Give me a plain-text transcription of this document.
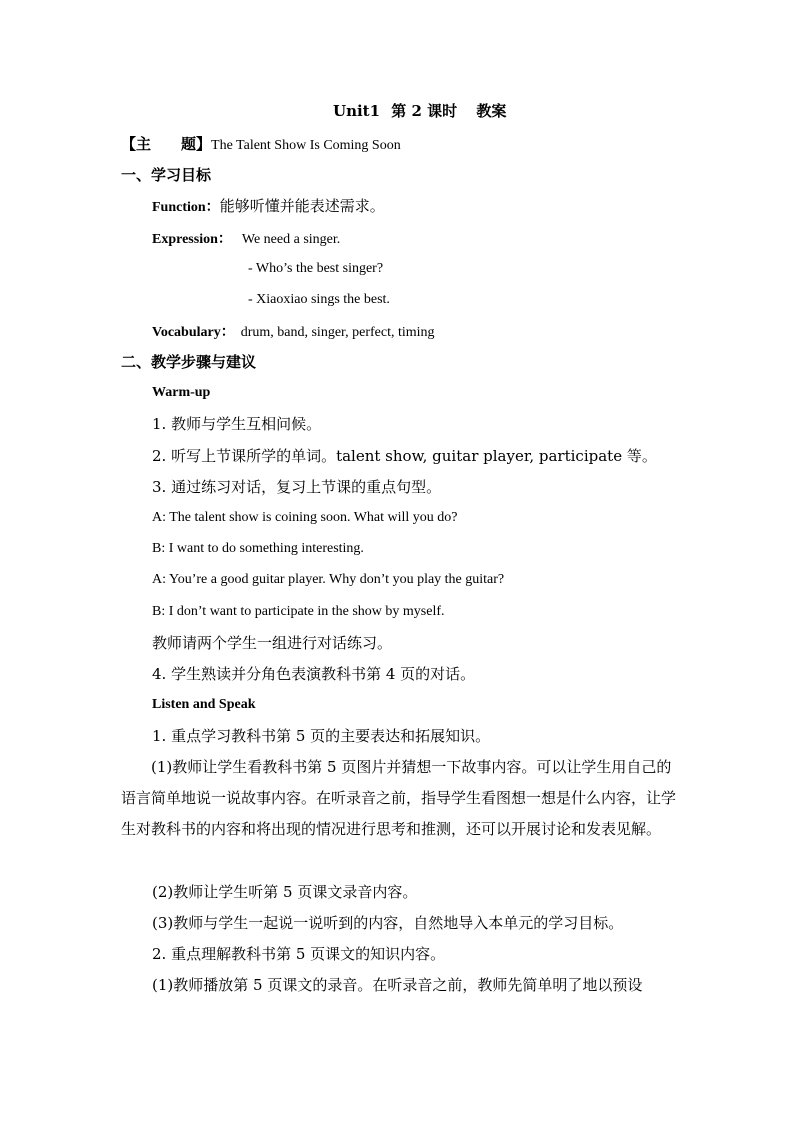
Unit1 第 2 课时 教案
【主　　题】The Talent Show Is Coming Soon
一、学习目标
Function：能够听懂并能表述需求。
Expression： We need a singer.
- Who’s the best singer?
- Xiaoxiao sings the best.
Vocabulary： drum, band, singer, perfect, timing
二、教学步骤与建议
Warm-up
1. 教师与学生互相问候。
2. 听写上节课所学的单词。talent show, guitar player, participate 等。
3. 通过练习对话，复习上节课的重点句型。
A: The talent show is coining soon. What will you do?
B: I want to do something interesting.
A: You’re a good guitar player. Why don’t you play the guitar?
B: I don’t want to participate in the show by myself.
教师请两个学生一组进行对话练习。
4. 学生熟读并分角色表演教科书第 4 页的对话。
Listen and Speak
1. 重点学习教科书第 5 页的主要表达和拓展知识。
(1)教师让学生看教科书第 5 页图片并猜想一下故事内容。可以让学生用自己的语言简单地说一说故事内容。在听录音之前，指导学生看图想一想是什么内容，让学生对教科书的内容和将出现的情况进行思考和推测，还可以开展讨论和发表见解。
(2)教师让学生听第 5 页课文录音内容。
(3)教师与学生一起说一说听到的内容，自然地导入本单元的学习目标。
2. 重点理解教科书第 5 页课文的知识内容。
(1)教师播放第 5 页课文的录音。在听录音之前，教师先简单明了地以预设
